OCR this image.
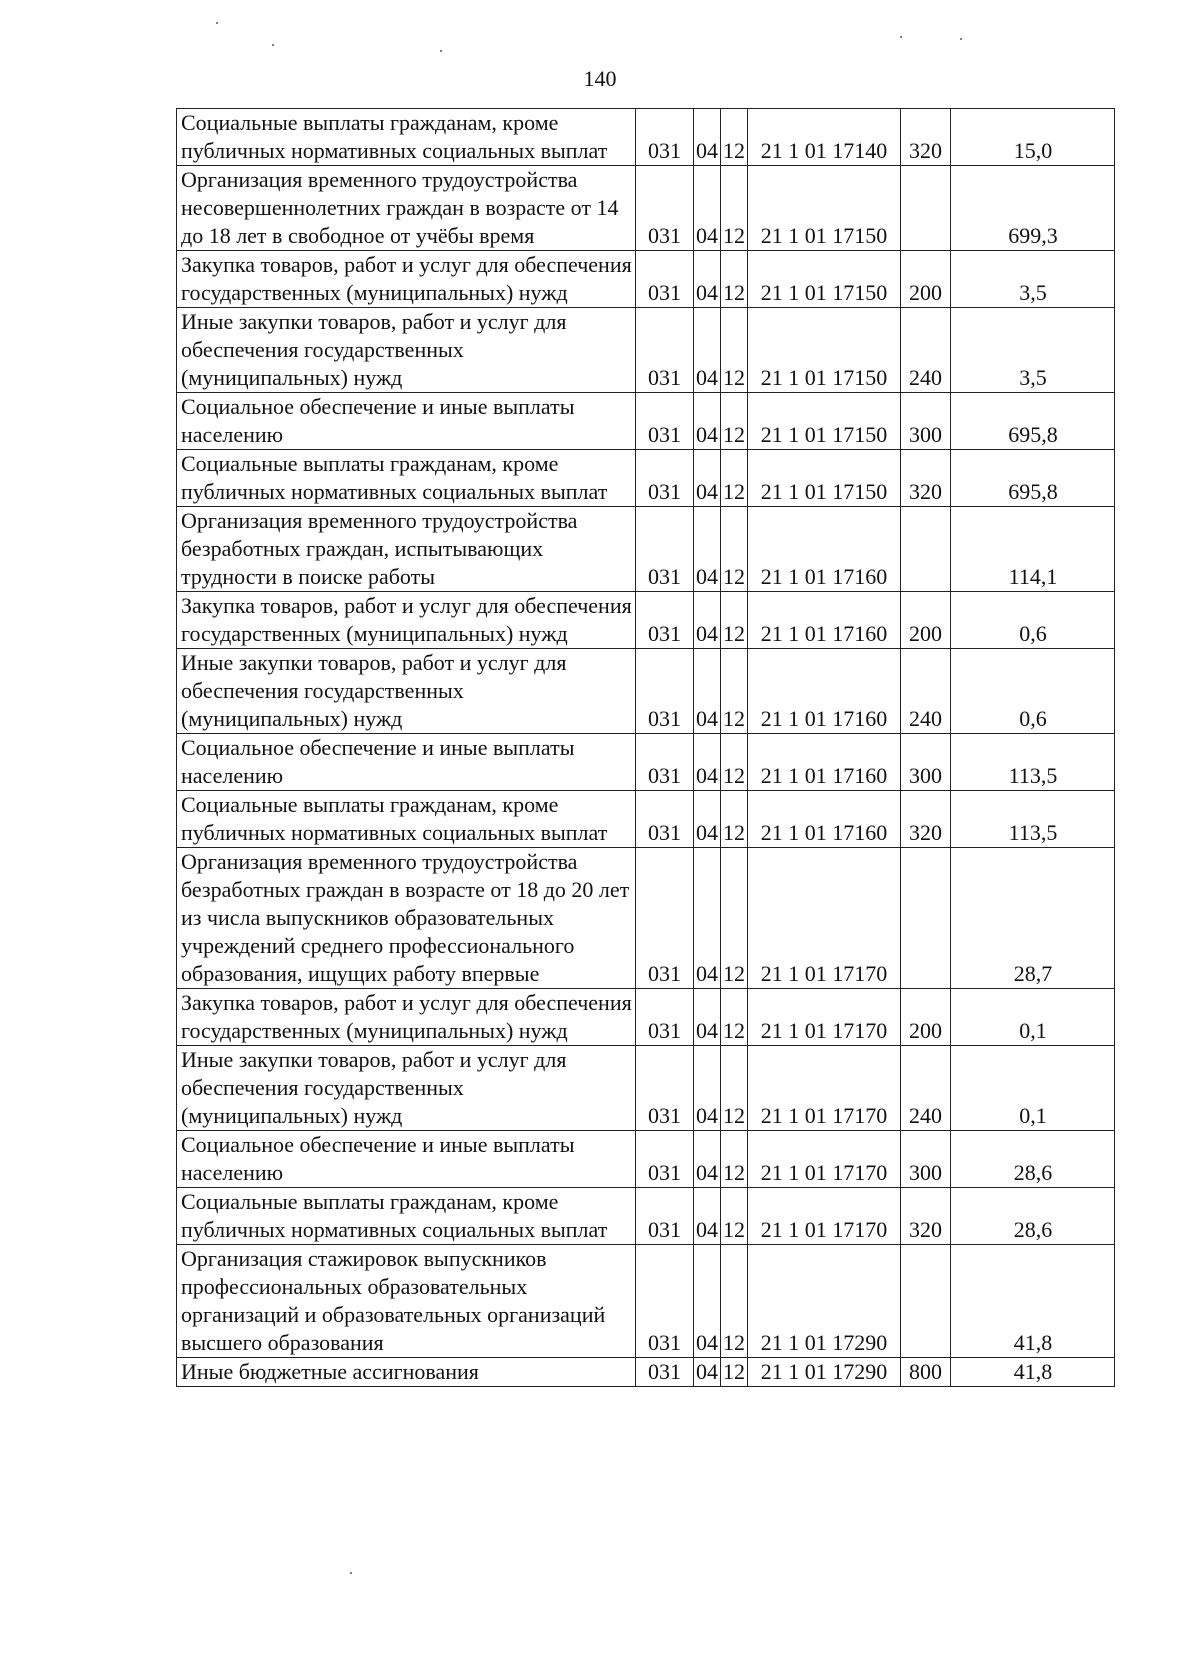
140
Социальные выплаты гражданам, кроме публичных нормативных социальных выплат	031	04	12	21 1 01 17140	320	15,0
Организация временного трудоустройства несовершеннолетних граждан в возрасте от 14 до 18 лет в свободное от учёбы время	031	04	12	21 1 01 17150		699,3
Закупка товаров, работ и услуг для обеспечения государственных (муниципальных) нужд	031	04	12	21 1 01 17150	200	3,5
Иные закупки товаров, работ и услуг для обеспечения государственных (муниципальных) нужд	031	04	12	21 1 01 17150	240	3,5
Социальное обеспечение и иные выплаты населению	031	04	12	21 1 01 17150	300	695,8
Социальные выплаты гражданам, кроме публичных нормативных социальных выплат	031	04	12	21 1 01 17150	320	695,8
Организация временного трудоустройства безработных граждан, испытывающих трудности в поиске работы	031	04	12	21 1 01 17160		114,1
Закупка товаров, работ и услуг для обеспечения государственных (муниципальных) нужд	031	04	12	21 1 01 17160	200	0,6
Иные закупки товаров, работ и услуг для обеспечения государственных (муниципальных) нужд	031	04	12	21 1 01 17160	240	0,6
Социальное обеспечение и иные выплаты населению	031	04	12	21 1 01 17160	300	113,5
Социальные выплаты гражданам, кроме публичных нормативных социальных выплат	031	04	12	21 1 01 17160	320	113,5
Организация временного трудоустройства безработных граждан в возрасте от 18 до 20 лет из числа выпускников образовательных учреждений среднего профессионального образования, ищущих работу впервые	031	04	12	21 1 01 17170		28,7
Закупка товаров, работ и услуг для обеспечения государственных (муниципальных) нужд	031	04	12	21 1 01 17170	200	0,1
Иные закупки товаров, работ и услуг для обеспечения государственных (муниципальных) нужд	031	04	12	21 1 01 17170	240	0,1
Социальное обеспечение и иные выплаты населению	031	04	12	21 1 01 17170	300	28,6
Социальные выплаты гражданам, кроме публичных нормативных социальных выплат	031	04	12	21 1 01 17170	320	28,6
Организация стажировок выпускников профессиональных образовательных организаций и образовательных организаций высшего образования	031	04	12	21 1 01 17290		41,8
Иные бюджетные ассигнования	031	04	12	21 1 01 17290	800	41,8
